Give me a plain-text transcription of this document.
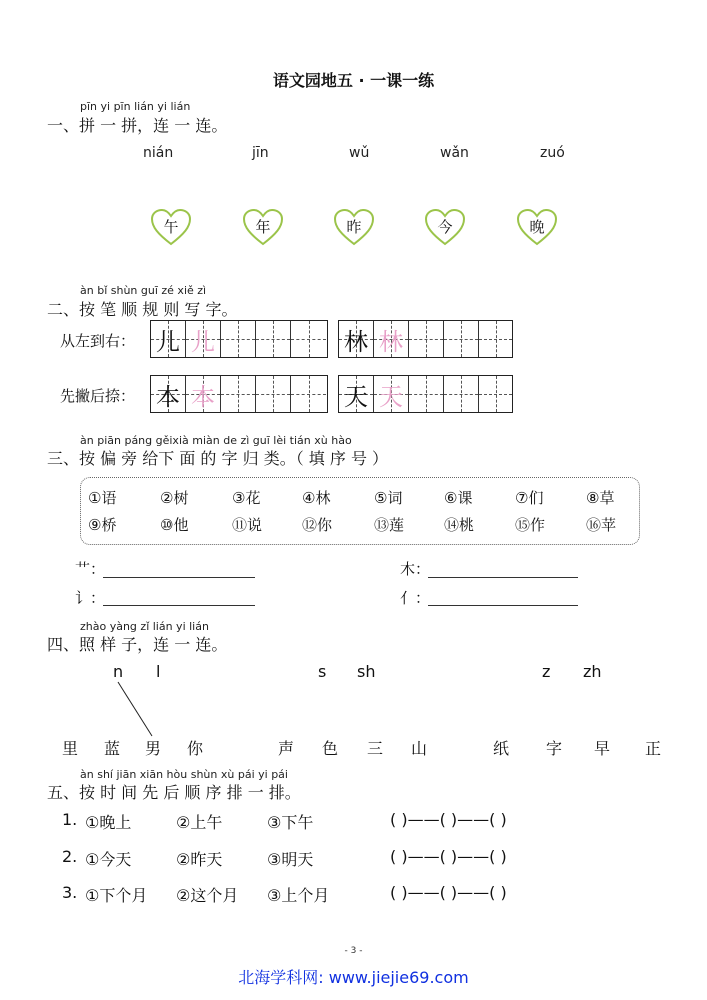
语文园地五 · 一课一练
pīn yi pīn lián yi lián
一、拼 一 拼，连 一 连。
nián	jīn	wǔ	wǎn	zuó
午	年	昨	今	晚
àn bǐ shùn guī zé xiě zì
二、按 笔 顺 规 则 写 字。
从左到右： 儿 儿	林 林
先撇后捺： 本 本	天 天
àn piān páng gěixià miàn de zì guī lèi tián xù hào
三、按 偏 旁 给下 面 的 字 归 类。（ 填 序 号 ）
①语	②树	③花	④林	⑤词	⑥课	⑦们	⑧草
⑨桥	⑩他	⑪说	⑫你	⑬莲	⑭桃	⑮作	⑯苹
艹：	木：
讠：	亻：
zhào yàng zǐ lián yi lián
四、照 样 子，连 一 连。
n l	s sh	z zh
里 蓝 男 你	声 色 三 山	纸 字 早 正
àn shí jiān xiān hòu shùn xù pái yi pái
五、按 时 间 先 后 顺 序 排 一 排。
1. ①晚上	②上午	③下午	( )——( )——( )
2. ①今天	②昨天	③明天	( )——( )——( )
3. ①下个月 ②这个月 ③上个月	( )——( )——( )
- 3 -
北海学科网: www.jiejie69.com
